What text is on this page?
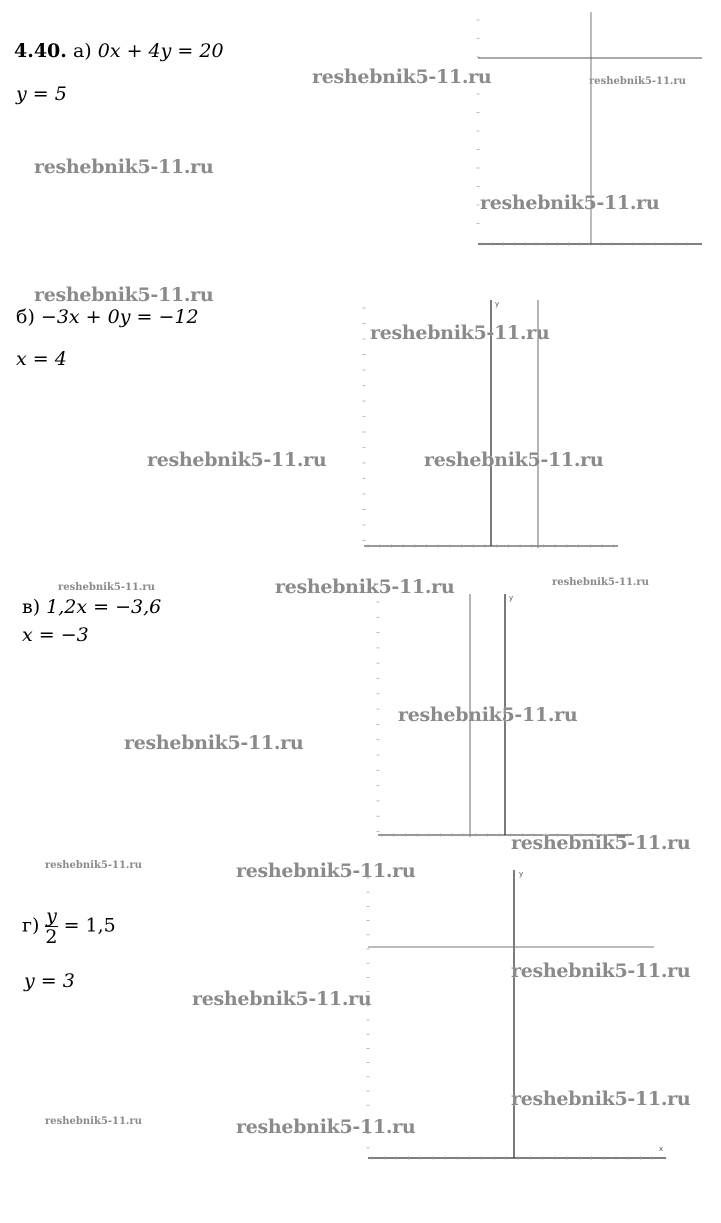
4.40. а) 0x + 4y = 20
y = 5
б) −3x + 0y = −12
x = 4
в) 1,2x = −3,6
x = −3
$г) \frac{y}{2} = 1,5$
y = 3
y
y
y
x
reshebnik5-11.ru	reshebnik5-11.ru
reshebnik5-11.ru
reshebnik5-11.ru
reshebnik5-11.ru
reshebnik5-11.ru
reshebnik5-11.ru	reshebnik5-11.ru
reshebnik5-11.ru	reshebnik5-11.ru	reshebnik5-11.ru
reshebnik5-11.ru
reshebnik5-11.ru
reshebnik5-11.ru
reshebnik5-11.ru	reshebnik5-11.ru
reshebnik5-11.ru
reshebnik5-11.ru
reshebnik5-11.ru
reshebnik5-11.ru	reshebnik5-11.ru
